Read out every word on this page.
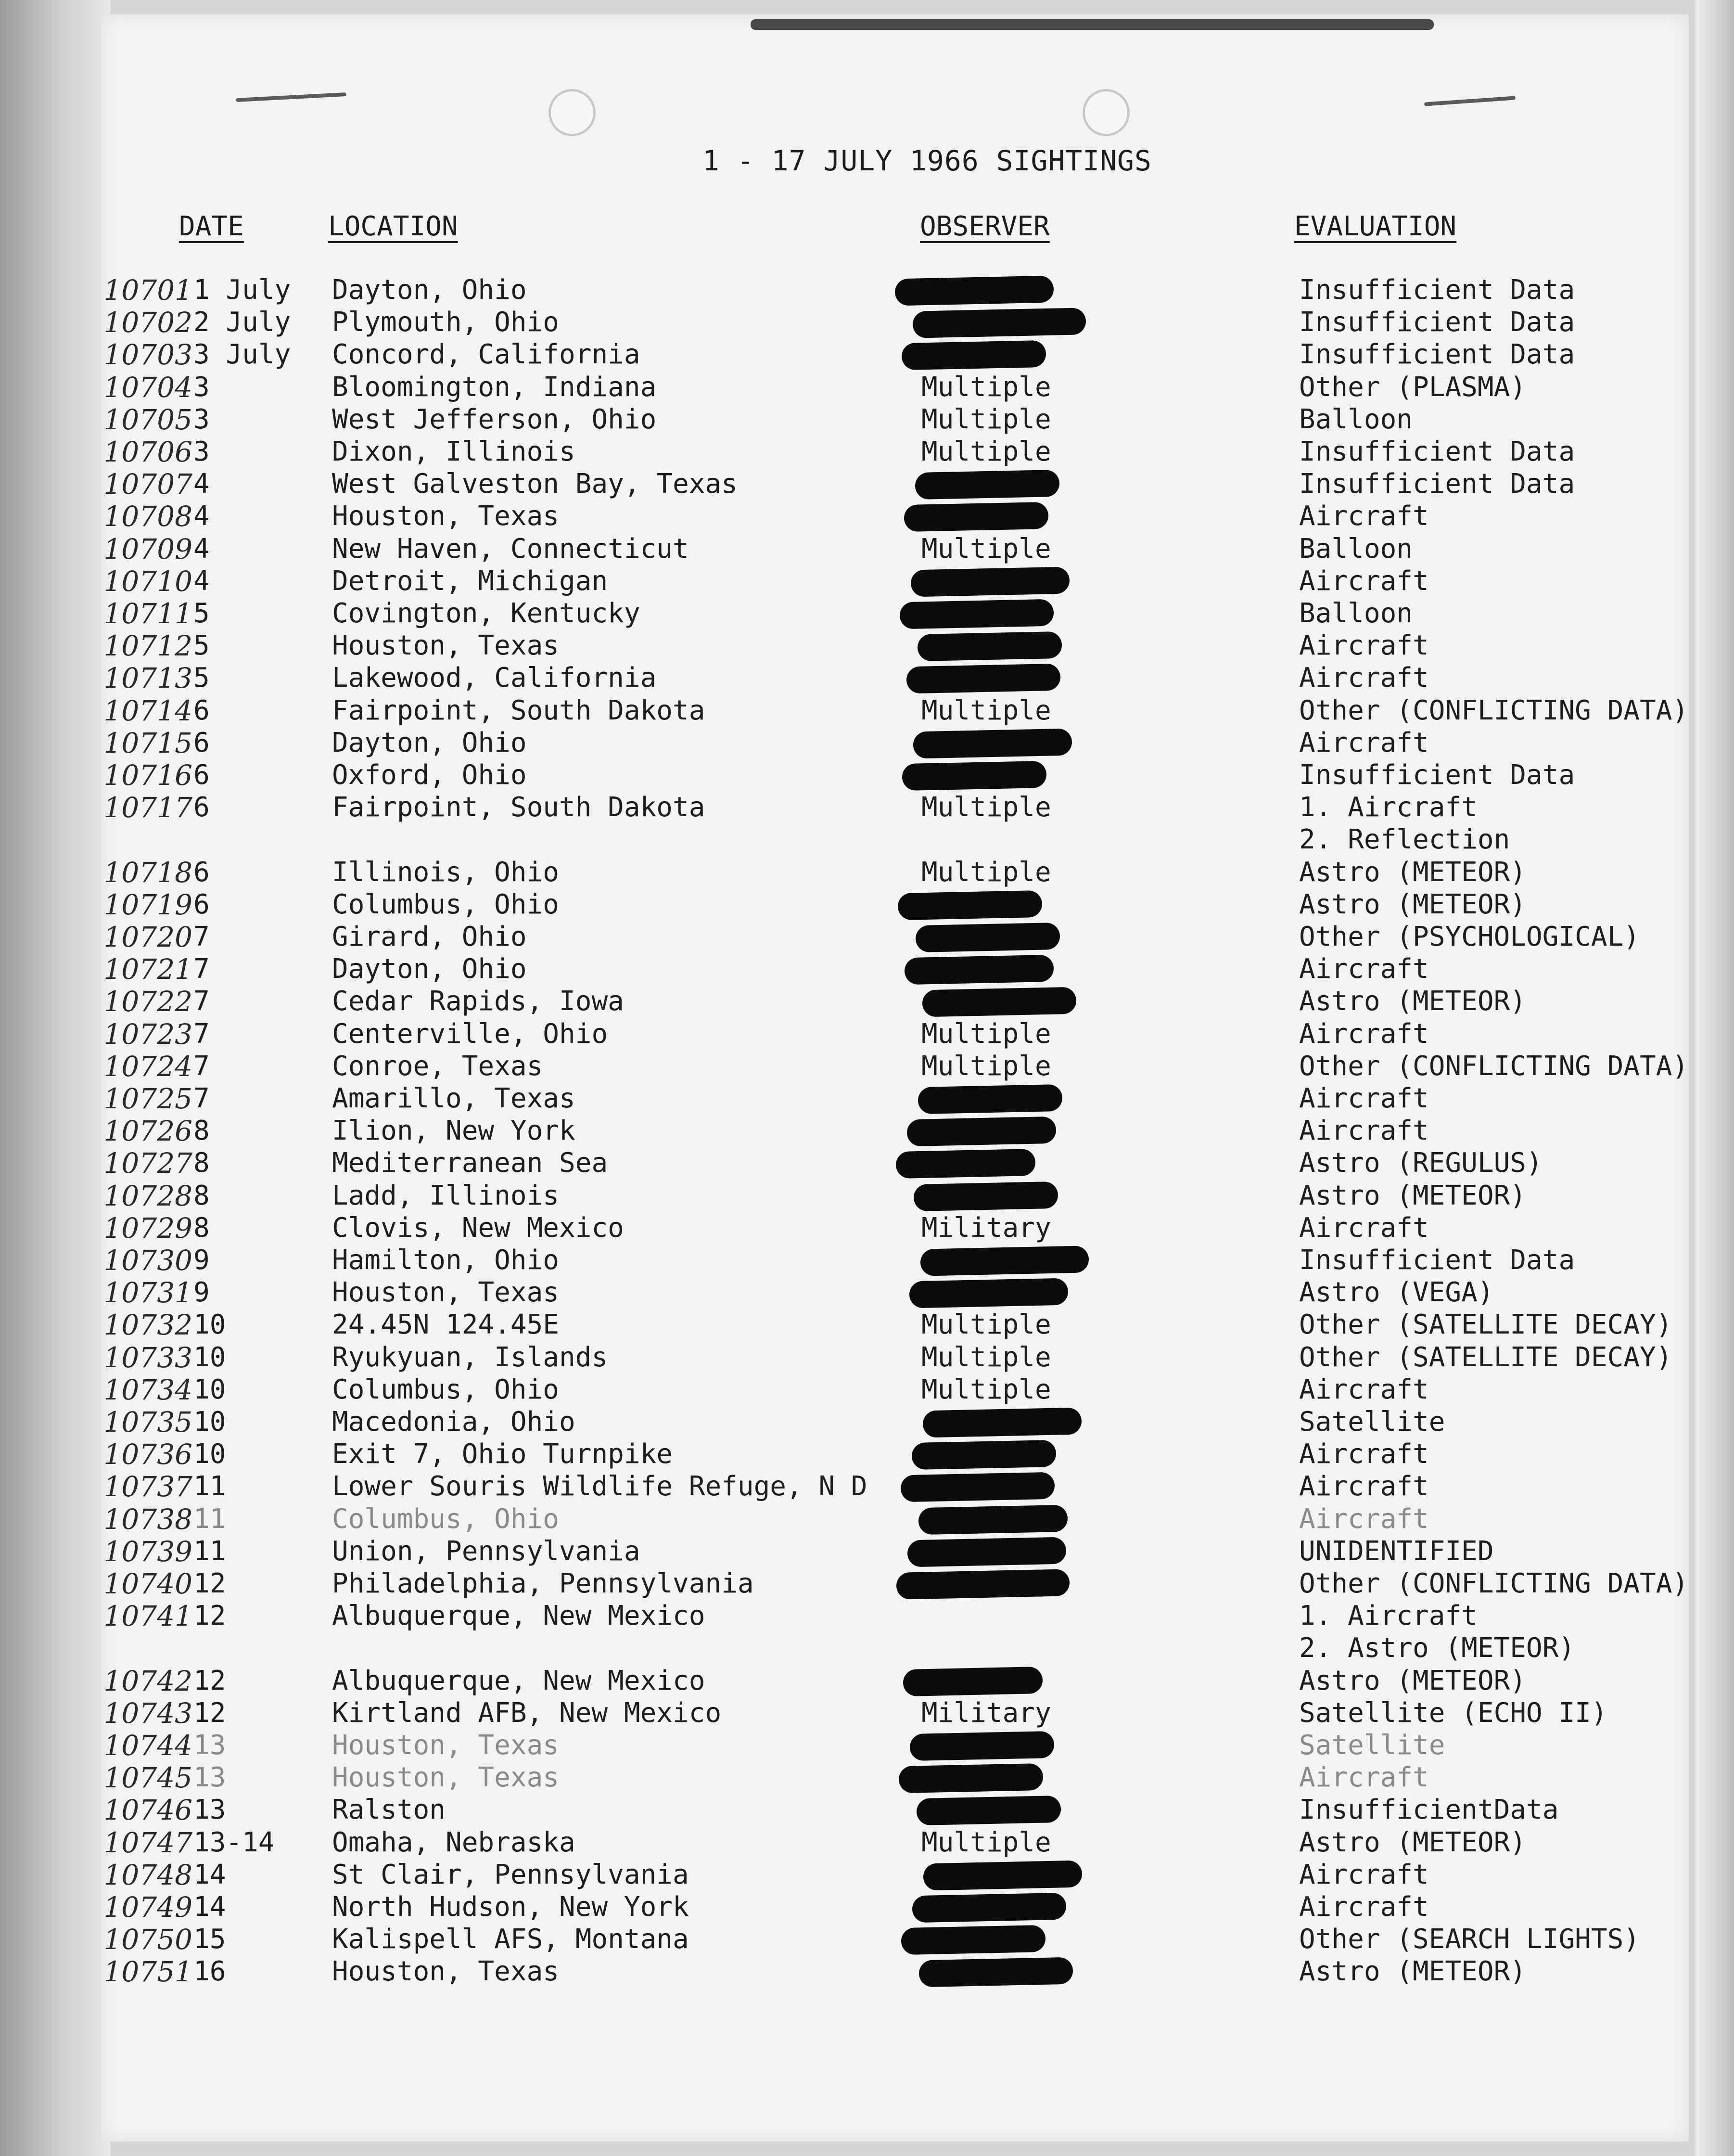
1 - 17 JULY 1966 SIGHTINGS
DATE	LOCATION	OBSERVER	EVALUATION
10701 1 July Dayton, Ohio	Insufficient Data
10702 2 July Plymouth, Ohio	Insufficient Data
10703 3 July Concord, California	Insufficient Data
10704 3	Bloomington, Indiana	Multiple	Other (PLASMA)
10705 3	West Jefferson, Ohio	Multiple	Balloon
10706 3	Dixon, Illinois	Multiple	Insufficient Data
10707 4	West Galveston Bay, Texas	Insufficient Data
10708 4	Houston, Texas	Aircraft
10709 4	New Haven, Connecticut	Multiple	Balloon
10710 4	Detroit, Michigan	Aircraft
10711 5	Covington, Kentucky	Balloon
10712 5	Houston, Texas	Aircraft
10713 5	Lakewood, California	Aircraft
10714 6	Fairpoint, South Dakota	Multiple	Other (CONFLICTING DATA)
10715 6	Dayton, Ohio	Aircraft
10716 6	Oxford, Ohio	Insufficient Data
10717 6	Fairpoint, South Dakota	Multiple	1. Aircraft
2. Reflection
10718 6	Illinois, Ohio	Multiple	Astro (METEOR)
10719 6	Columbus, Ohio	Astro (METEOR)
10720 7	Girard, Ohio	Other (PSYCHOLOGICAL)
10721 7	Dayton, Ohio	Aircraft
10722 7	Cedar Rapids, Iowa	Astro (METEOR)
10723 7	Centerville, Ohio	Multiple	Aircraft
10724 7	Conroe, Texas	Multiple	Other (CONFLICTING DATA)
10725 7	Amarillo, Texas	Aircraft
10726 8	Ilion, New York	Aircraft
10727 8	Mediterranean Sea	Astro (REGULUS)
10728 8	Ladd, Illinois	Astro (METEOR)
10729 8	Clovis, New Mexico	Military	Aircraft
10730 9	Hamilton, Ohio	Insufficient Data
10731 9	Houston, Texas	Astro (VEGA)
10732 10	24.45N 124.45E	Multiple	Other (SATELLITE DECAY)
10733 10	Ryukyuan, Islands	Multiple	Other (SATELLITE DECAY)
10734 10	Columbus, Ohio	Multiple	Aircraft
10735 10	Macedonia, Ohio	Satellite
10736 10	Exit 7, Ohio Turnpike	Aircraft
10737 11	Lower Souris Wildlife Refuge, N D	Aircraft
10738 11	Columbus, Ohio	Aircraft
10739 11	Union, Pennsylvania	UNIDENTIFIED
10740 12	Philadelphia, Pennsylvania	Other (CONFLICTING DATA)
10741 12	Albuquerque, New Mexico	1. Aircraft
2. Astro (METEOR)
10742 12	Albuquerque, New Mexico	Astro (METEOR)
10743 12	Kirtland AFB, New Mexico	Military	Satellite (ECHO II)
10744 13	Houston, Texas	Satellite
10745 13	Houston, Texas	Aircraft
10746 13	Ralston	InsufficientData
10747 13-14 Omaha, Nebraska	Multiple	Astro (METEOR)
10748 14	St Clair, Pennsylvania	Aircraft
10749 14	North Hudson, New York	Aircraft
10750 15	Kalispell AFS, Montana	Other (SEARCH LIGHTS)
10751 16	Houston, Texas	Astro (METEOR)
